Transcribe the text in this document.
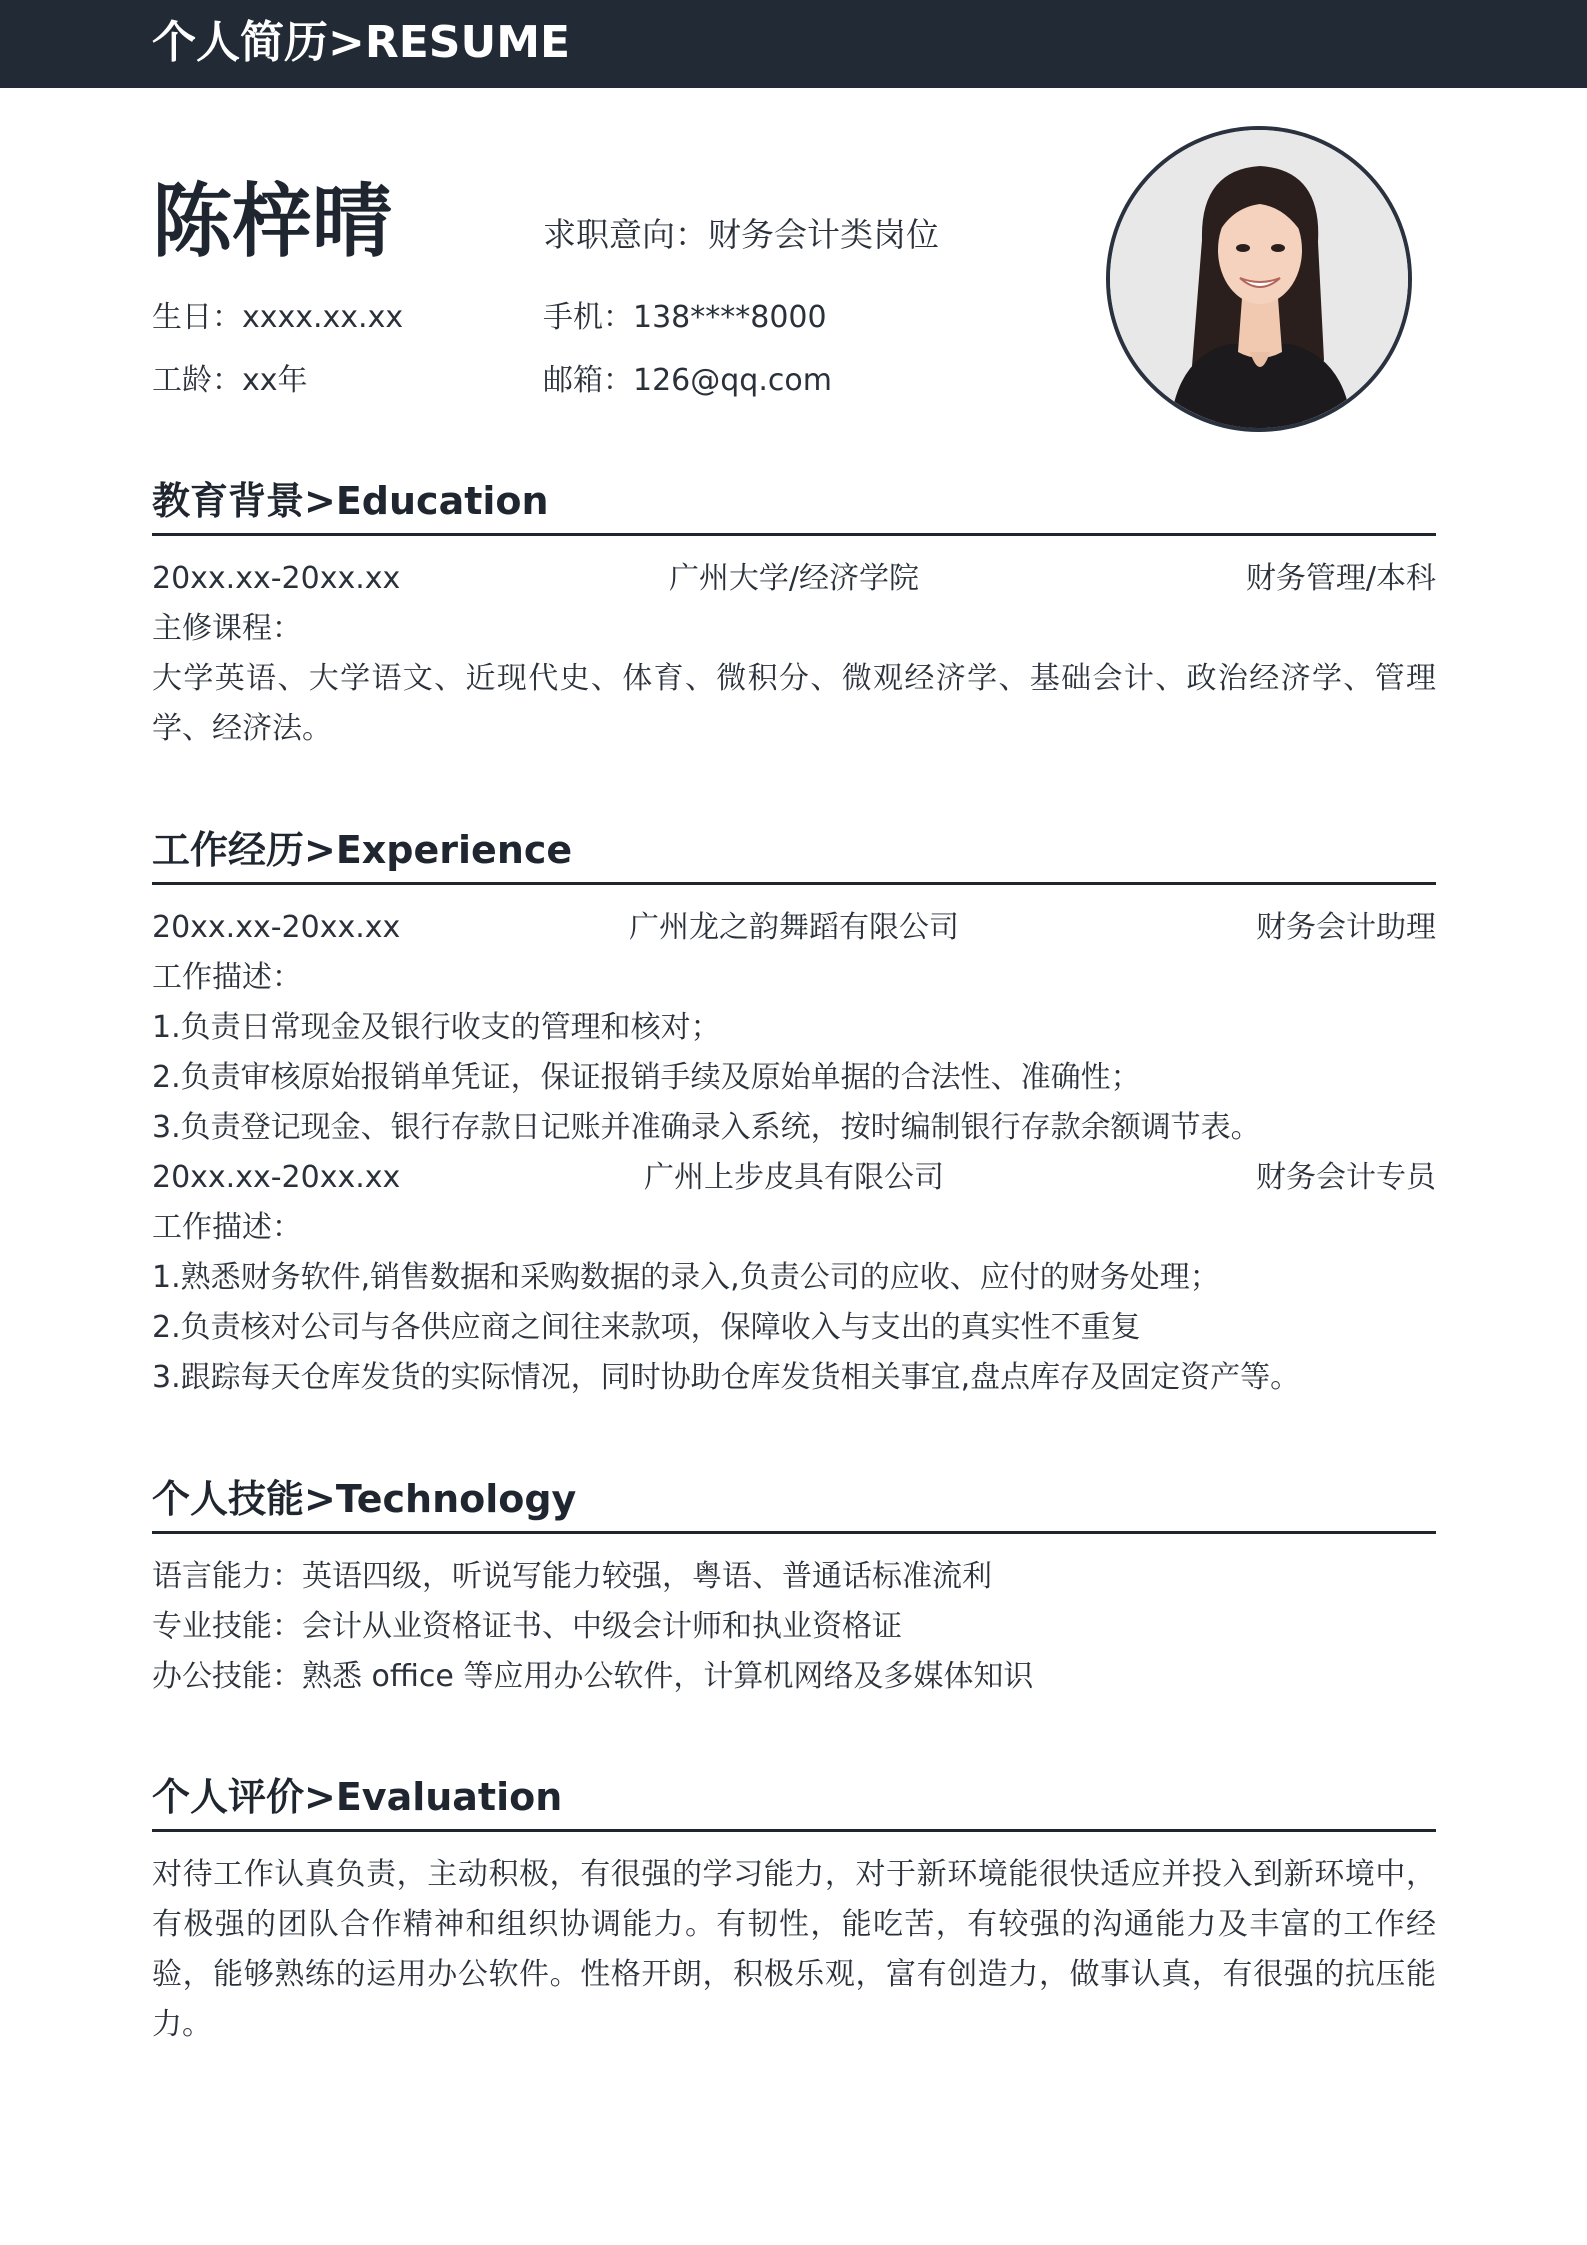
个人简历>RESUME
陈梓晴	求职意向：财务会计类岗位
生日：xxxx.xx.xx	手机：138****8000
工龄：xx年	邮箱：126@qq.com
教育背景>Education
20xx.xx-20xx.xx	广州大学/经济学院	财务管理/本科
主修课程：
大学英语、大学语文、近现代史、体育、微积分、微观经济学、基础会计、政治经济学、管理学、经济法。
工作经历>Experience
20xx.xx-20xx.xx	广州龙之韵舞蹈有限公司	财务会计助理
工作描述：
1.负责日常现金及银行收支的管理和核对；
2.负责审核原始报销单凭证，保证报销手续及原始单据的合法性、准确性；
3.负责登记现金、银行存款日记账并准确录入系统，按时编制银行存款余额调节表。
20xx.xx-20xx.xx	广州上步皮具有限公司	财务会计专员
工作描述：
1.熟悉财务软件,销售数据和采购数据的录入,负责公司的应收、应付的财务处理；
2.负责核对公司与各供应商之间往来款项，保障收入与支出的真实性不重复
3.跟踪每天仓库发货的实际情况，同时协助仓库发货相关事宜,盘点库存及固定资产等。
个人技能>Technology
语言能力：英语四级，听说写能力较强，粤语、普通话标准流利
专业技能：会计从业资格证书、中级会计师和执业资格证
办公技能：熟悉 office 等应用办公软件，计算机网络及多媒体知识
个人评价>Evaluation
对待工作认真负责，主动积极，有很强的学习能力，对于新环境能很快适应并投入到新环境中，有极强的团队合作精神和组织协调能力。有韧性，能吃苦，有较强的沟通能力及丰富的工作经验，能够熟练的运用办公软件。性格开朗，积极乐观，富有创造力，做事认真，有很强的抗压能力。
